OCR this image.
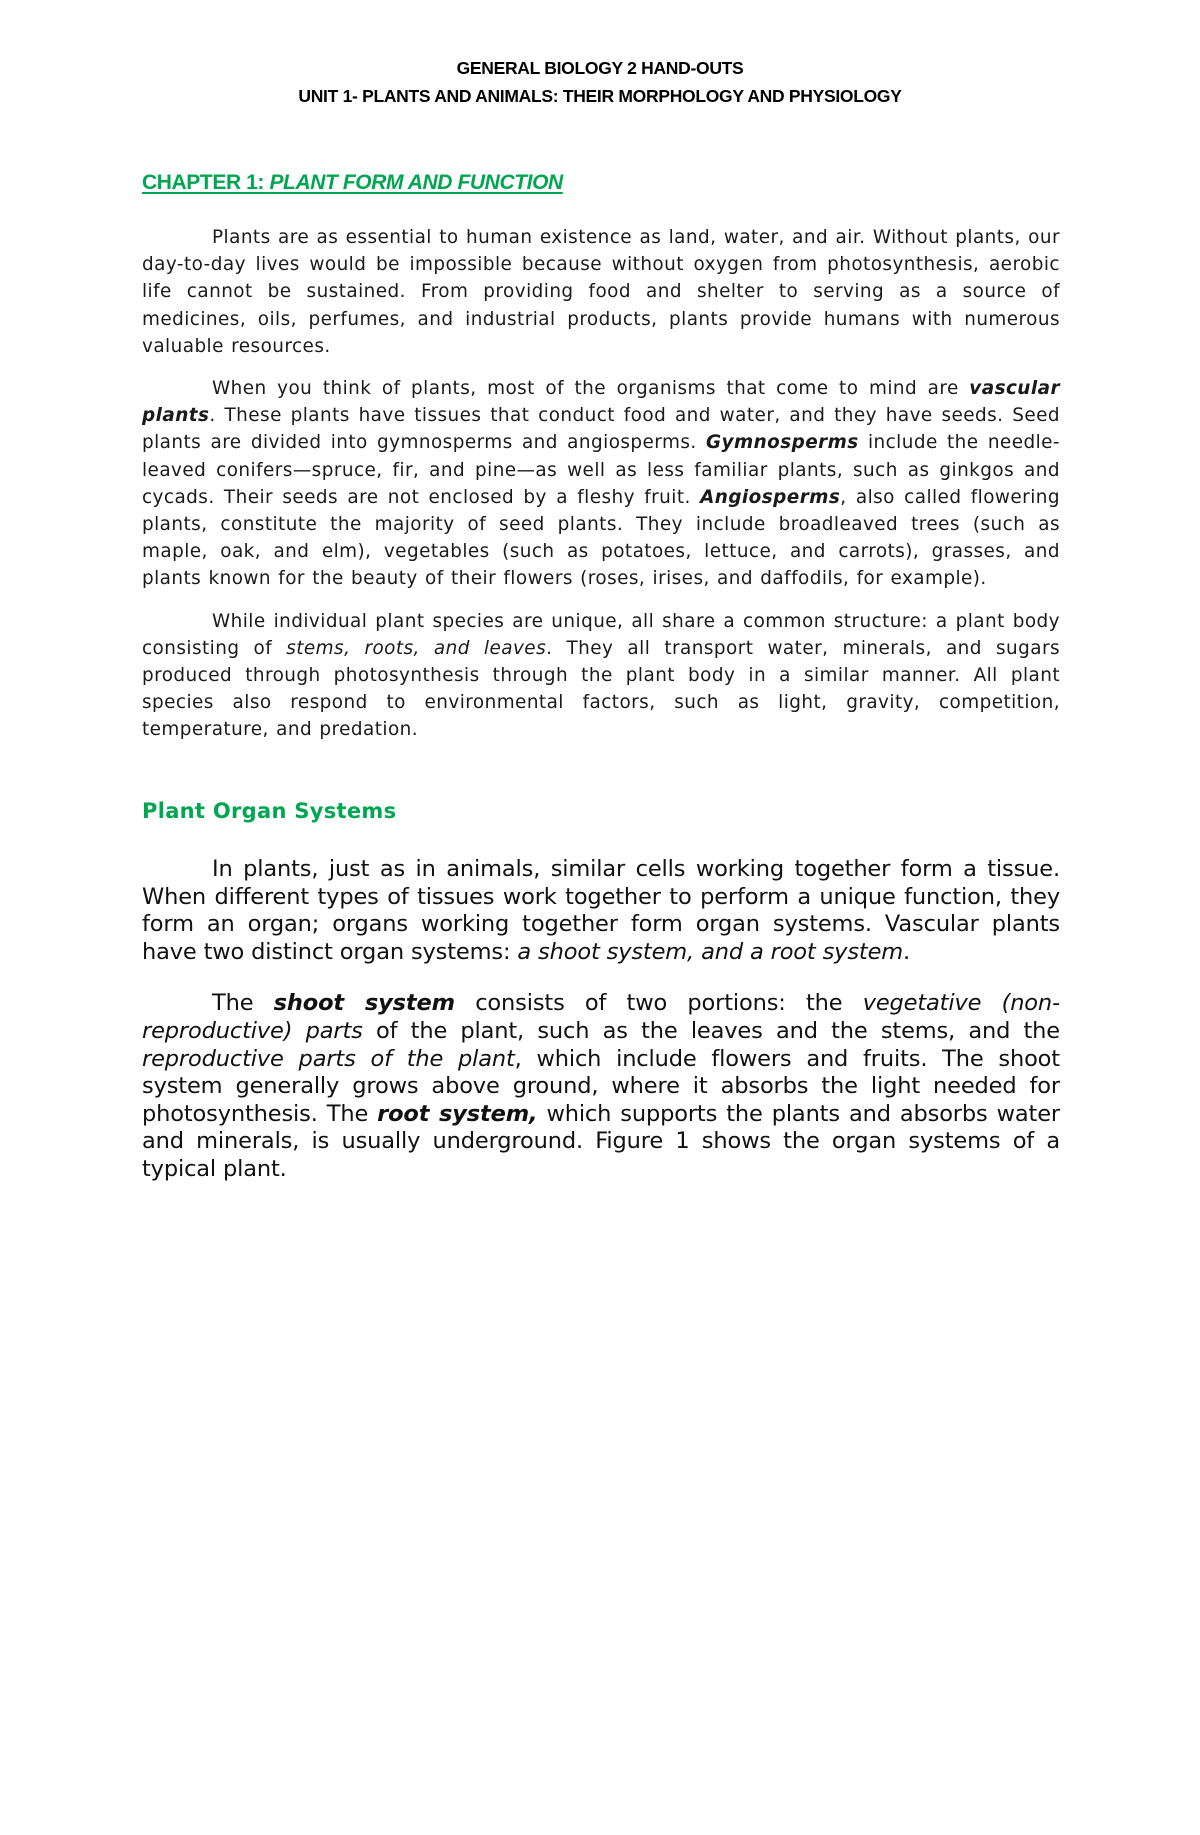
GENERAL BIOLOGY 2 HAND-OUTS
UNIT 1- PLANTS AND ANIMALS: THEIR MORPHOLOGY AND PHYSIOLOGY
CHAPTER 1: PLANT FORM AND FUNCTION

Plants are as essential to human existence as land, water, and air. Without plants, our day-to-day lives would be impossible because without oxygen from photosynthesis, aerobic life cannot be sustained. From providing food and shelter to serving as a source of medicines, oils, perfumes, and industrial products, plants provide humans with numerous valuable resources.

When you think of plants, most of the organisms that come to mind are vascular plants. These plants have tissues that conduct food and water, and they have seeds. Seed plants are divided into gymnosperms and angiosperms. Gymnosperms include the needle-leaved conifers—spruce, fir, and pine—as well as less familiar plants, such as ginkgos and cycads. Their seeds are not enclosed by a fleshy fruit. Angiosperms, also called flowering plants, constitute the majority of seed plants. They include broadleaved trees (such as maple, oak, and elm), vegetables (such as potatoes, lettuce, and carrots), grasses, and plants known for the beauty of their flowers (roses, irises, and daffodils, for example).

While individual plant species are unique, all share a common structure: a plant body consisting of stems, roots, and leaves. They all transport water, minerals, and sugars produced through photosynthesis through the plant body in a similar manner. All plant species also respond to environmental factors, such as light, gravity, competition, temperature, and predation.

Plant Organ Systems

In plants, just as in animals, similar cells working together form a tissue. When different types of tissues work together to perform a unique function, they form an organ; organs working together form organ systems. Vascular plants have two distinct organ systems: a shoot system, and a root system.

The shoot system consists of two portions: the vegetative (non-reproductive) parts of the plant, such as the leaves and the stems, and the reproductive parts of the plant, which include flowers and fruits. The shoot system generally grows above ground, where it absorbs the light needed for photosynthesis. The root system, which supports the plants and absorbs water and minerals, is usually underground. Figure 1 shows the organ systems of a typical plant.
